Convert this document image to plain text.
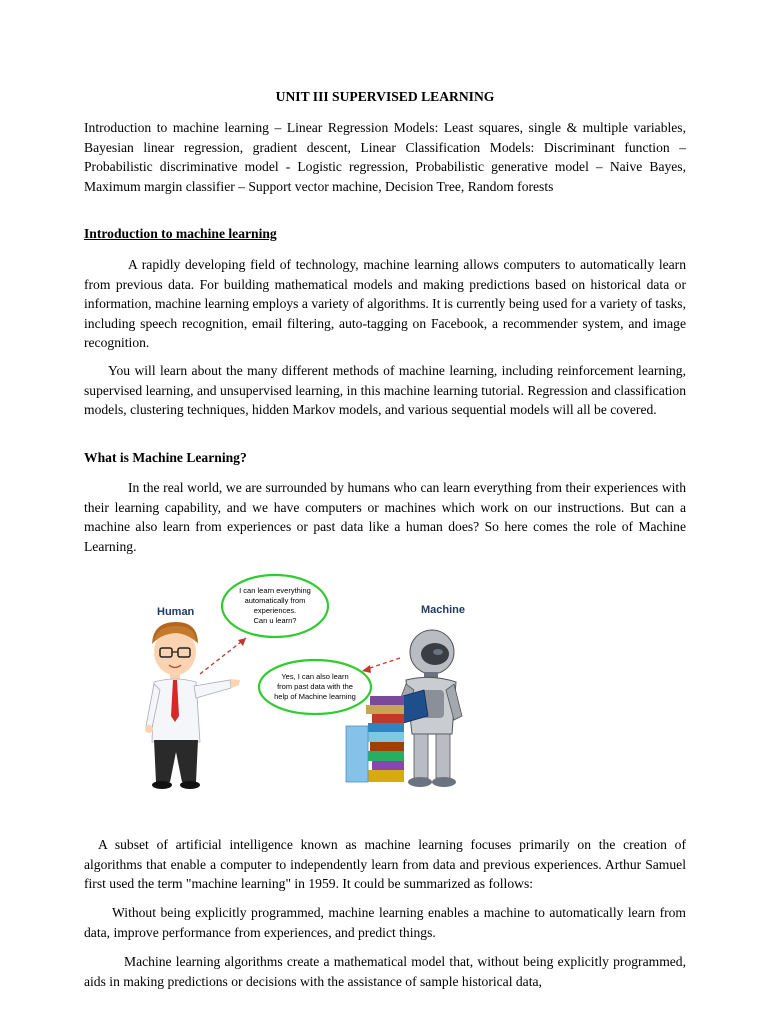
UNIT III SUPERVISED LEARNING

Introduction to machine learning – Linear Regression Models: Least squares, single & multiple variables, Bayesian linear regression, gradient descent, Linear Classification Models: Discriminant function – Probabilistic discriminative model - Logistic regression, Probabilistic generative model – Naive Bayes, Maximum margin classifier – Support vector machine, Decision Tree, Random forests

Introduction to machine learning

A rapidly developing field of technology, machine learning allows computers to automatically learn from previous data. For building mathematical models and making predictions based on historical data or information, machine learning employs a variety of algorithms. It is currently being used for a variety of tasks, including speech recognition, email filtering, auto-tagging on Facebook, a recommender system, and image recognition.

You will learn about the many different methods of machine learning, including reinforcement learning, supervised learning, and unsupervised learning, in this machine learning tutorial. Regression and classification models, clustering techniques, hidden Markov models, and various sequential models will all be covered.

What is Machine Learning?

In the real world, we are surrounded by humans who can learn everything from their experiences with their learning capability, and we have computers or machines which work on our instructions. But can a machine also learn from experiences or past data like a human does? So here comes the role of Machine Learning.

A subset of artificial intelligence known as machine learning focuses primarily on the creation of algorithms that enable a computer to independently learn from data and previous experiences. Arthur Samuel first used the term "machine learning" in 1959. It could be summarized as follows:

Without being explicitly programmed, machine learning enables a machine to automatically learn from data, improve performance from experiences, and predict things.

Machine learning algorithms create a mathematical model that, without being explicitly programmed, aids in making predictions or decisions with the assistance of sample historical data,

Human	Machine
I can learn everything
automatically from
experiences.
Can u learn?
Yes, I can also learn
from past data with the
help of Machine learning
